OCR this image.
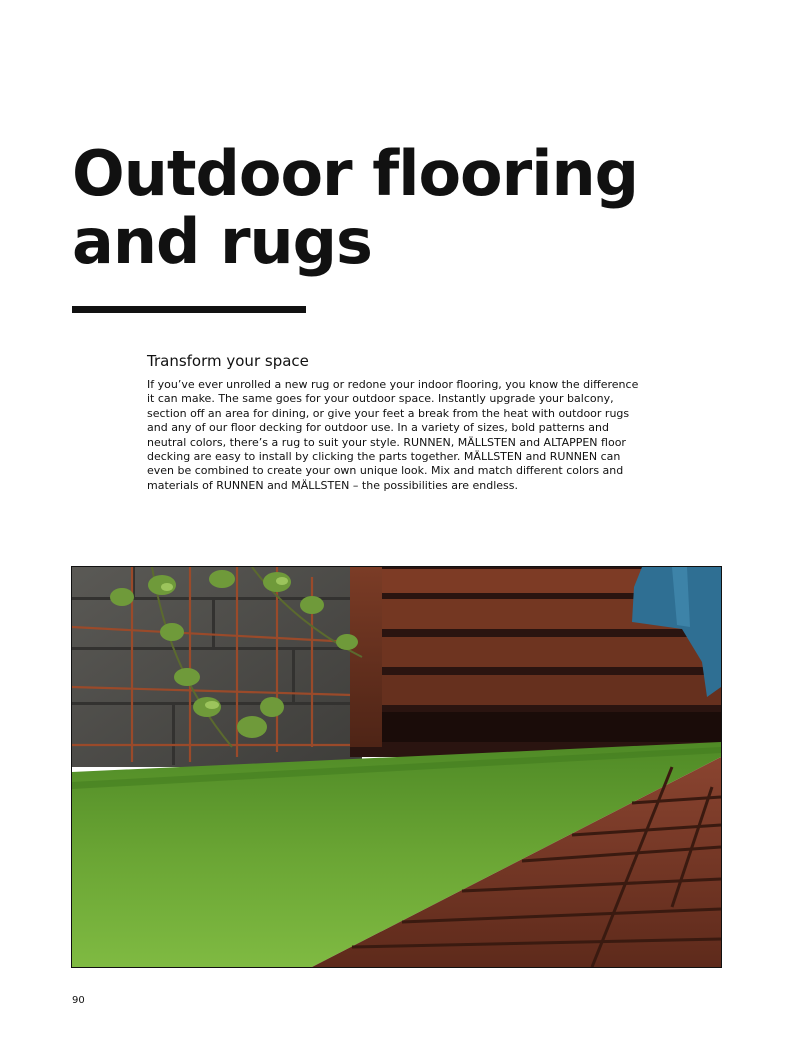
Outdoor flooring and rugs
Transform your space

If you’ve ever unrolled a new rug or redone your indoor flooring, you know the difference it can make. The same goes for your outdoor space. Instantly upgrade your balcony, section off an area for dining, or give your feet a break from the heat with outdoor rugs and any of our floor decking for outdoor use. In a variety of sizes, bold patterns and neutral colors, there’s a rug to suit your style. RUNNEN, MÄLLSTEN and ALTAPPEN floor decking are easy to install by clicking the parts together. MÄLLSTEN and RUNNEN can even be combined to create your own unique look. Mix and match different colors and materials of RUNNEN and MÄLLSTEN – the possibilities are endless.

90
